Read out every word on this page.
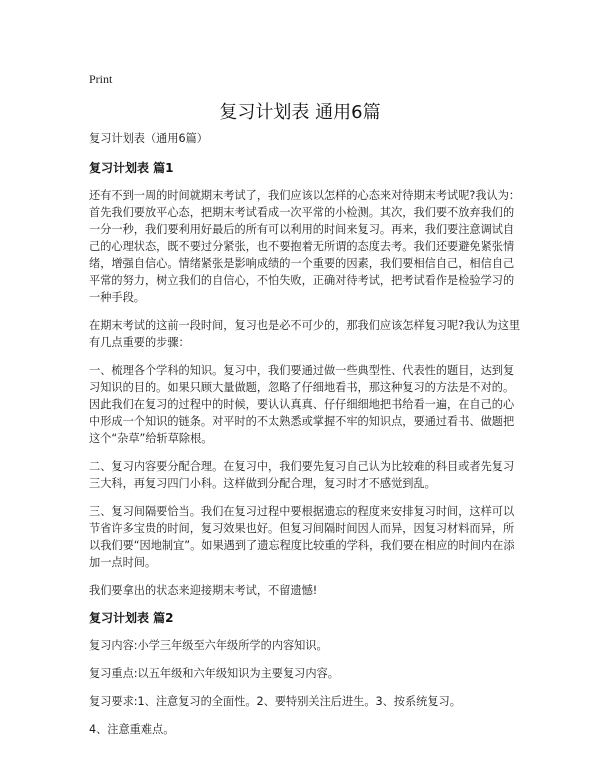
Print
复习计划表 通用6篇

复习计划表（通用6篇）

复习计划表 篇1

还有不到一周的时间就期末考试了，我们应该以怎样的心态来对待期末考试呢?我认为：首先我们要放平心态，把期末考试看成一次平常的小检测。其次，我们要不放弃我们的一分一秒，我们要利用好最后的所有可以利用的时间来复习。再来，我们要注意调试自己的心理状态，既不要过分紧张，也不要抱着无所谓的态度去考。我们还要避免紧张情绪，增强自信心。情绪紧张是影响成绩的一个重要的因素，我们要相信自己，相信自己平常的努力，树立我们的自信心，不怕失败，正确对待考试，把考试看作是检验学习的一种手段。

在期末考试的这前一段时间，复习也是必不可少的，那我们应该怎样复习呢?我认为这里有几点重要的步骤：

一、梳理各个学科的知识。复习中，我们要通过做一些典型性、代表性的题目，达到复习知识的目的。如果只顾大量做题，忽略了仔细地看书，那这种复习的方法是不对的。因此我们在复习的过程中的时候，要认认真真、仔仔细细地把书给看一遍，在自己的心中形成一个知识的链条。对平时的不太熟悉或掌握不牢的知识点，要通过看书、做题把这个“杂草”给斩草除根。

二、复习内容要分配合理。在复习中，我们要先复习自己认为比较难的科目或者先复习三大科，再复习四门小科。这样做到分配合理，复习时才不感觉到乱。

三、复习间隔要恰当。我们在复习过程中要根据遗忘的程度来安排复习时间，这样可以节省许多宝贵的时间，复习效果也好。但复习间隔时间因人而异，因复习材料而异，所以我们要“因地制宜”。如果遇到了遗忘程度比较重的学科，我们要在相应的时间内在添加一点时间。

我们要拿出的状态来迎接期末考试，不留遗憾!

复习计划表 篇2

复习内容:小学三年级至六年级所学的内容知识。

复习重点:以五年级和六年级知识为主要复习内容。

复习要求:1、注意复习的全面性。2、要特别关注后进生。3、按系统复习。

4、注意重难点。
